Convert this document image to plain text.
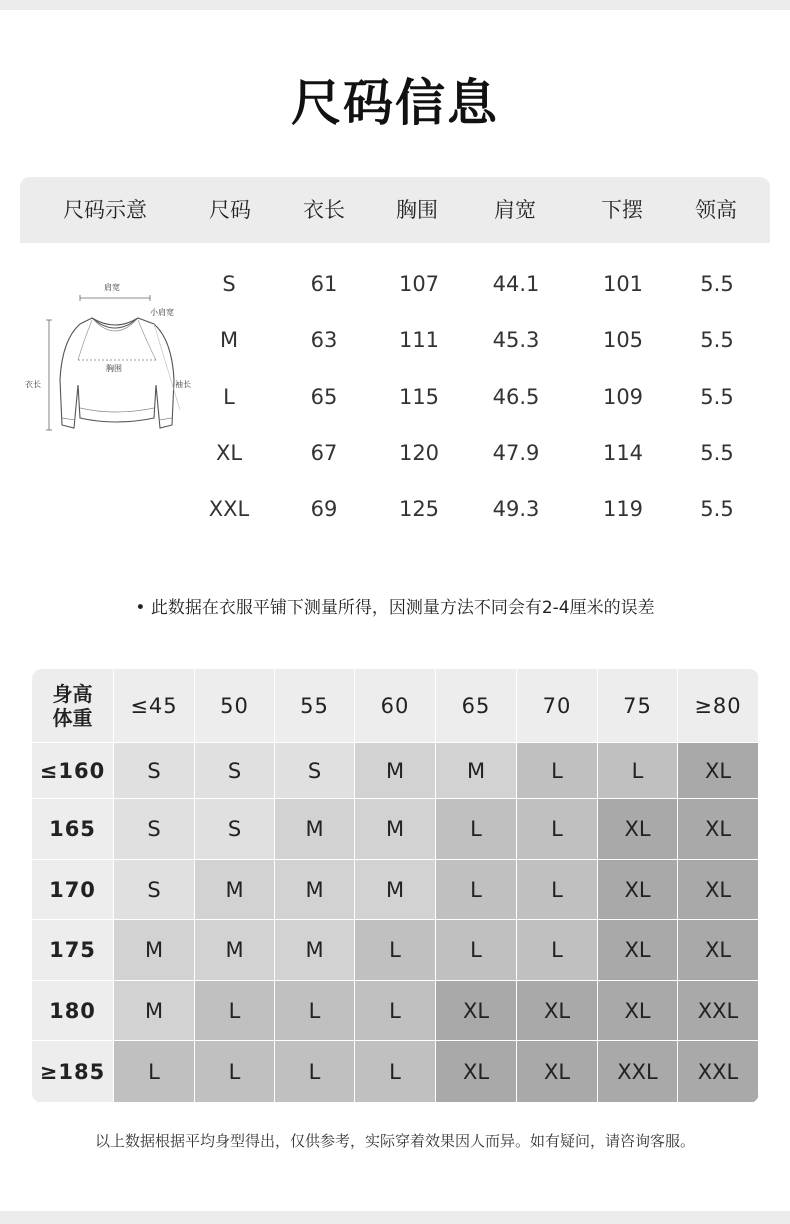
尺码信息
尺码示意	尺码	衣长	胸围	肩宽	下摆	领高
肩宽
小肩宽
胸围
衣长	袖长
S	61	107	44.1	101	5.5
M	63	111	45.3	105	5.5
L	65	115	46.5	109	5.5
XL	67	120	47.9	114	5.5
XXL	69	125	49.3	119	5.5
• 此数据在衣服平铺下测量所得，因测量方法不同会有2-4厘米的误差
身高
体重	≤45	50	55	60	65	70	75	≥80
≤160	S	S	S	M	M	L	L	XL
165	S	S	M	M	L	L	XL	XL
170	S	M	M	M	L	L	XL	XL
175	M	M	M	L	L	L	XL	XL
180	M	L	L	L	XL	XL	XL	XXL
≥185	L	L	L	L	XL	XL	XXL	XXL
以上数据根据平均身型得出，仅供参考，实际穿着效果因人而异。如有疑问，请咨询客服。
